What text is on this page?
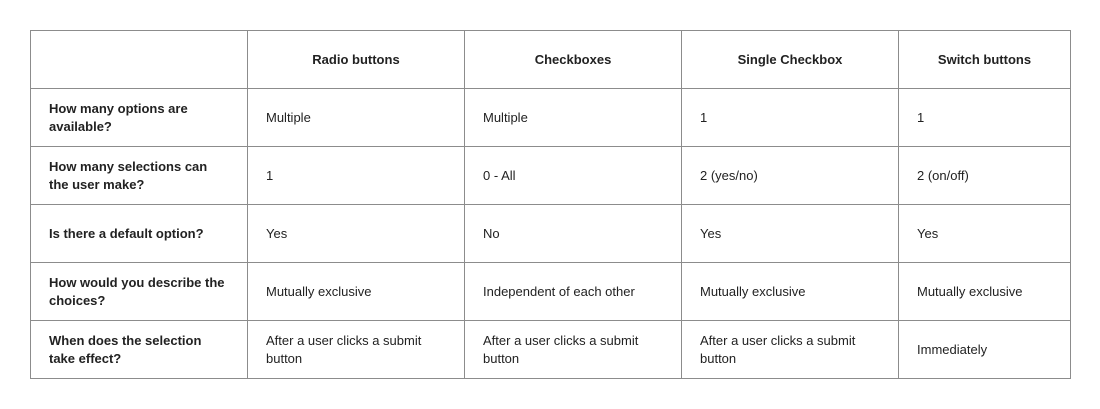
	Radio buttons	Checkboxes	Single Checkbox	Switch buttons
How many options are available?	Multiple	Multiple	1	1
How many selections can the user make?	1	0 - All	2 (yes/no)	2 (on/off)
Is there a default option?	Yes	No	Yes	Yes
How would you describe the choices?	Mutually exclusive	Independent of each other	Mutually exclusive	Mutually exclusive
When does the selection take effect?	After a user clicks a submit button	After a user clicks a submit button	After a user clicks a submit button	Immediately
